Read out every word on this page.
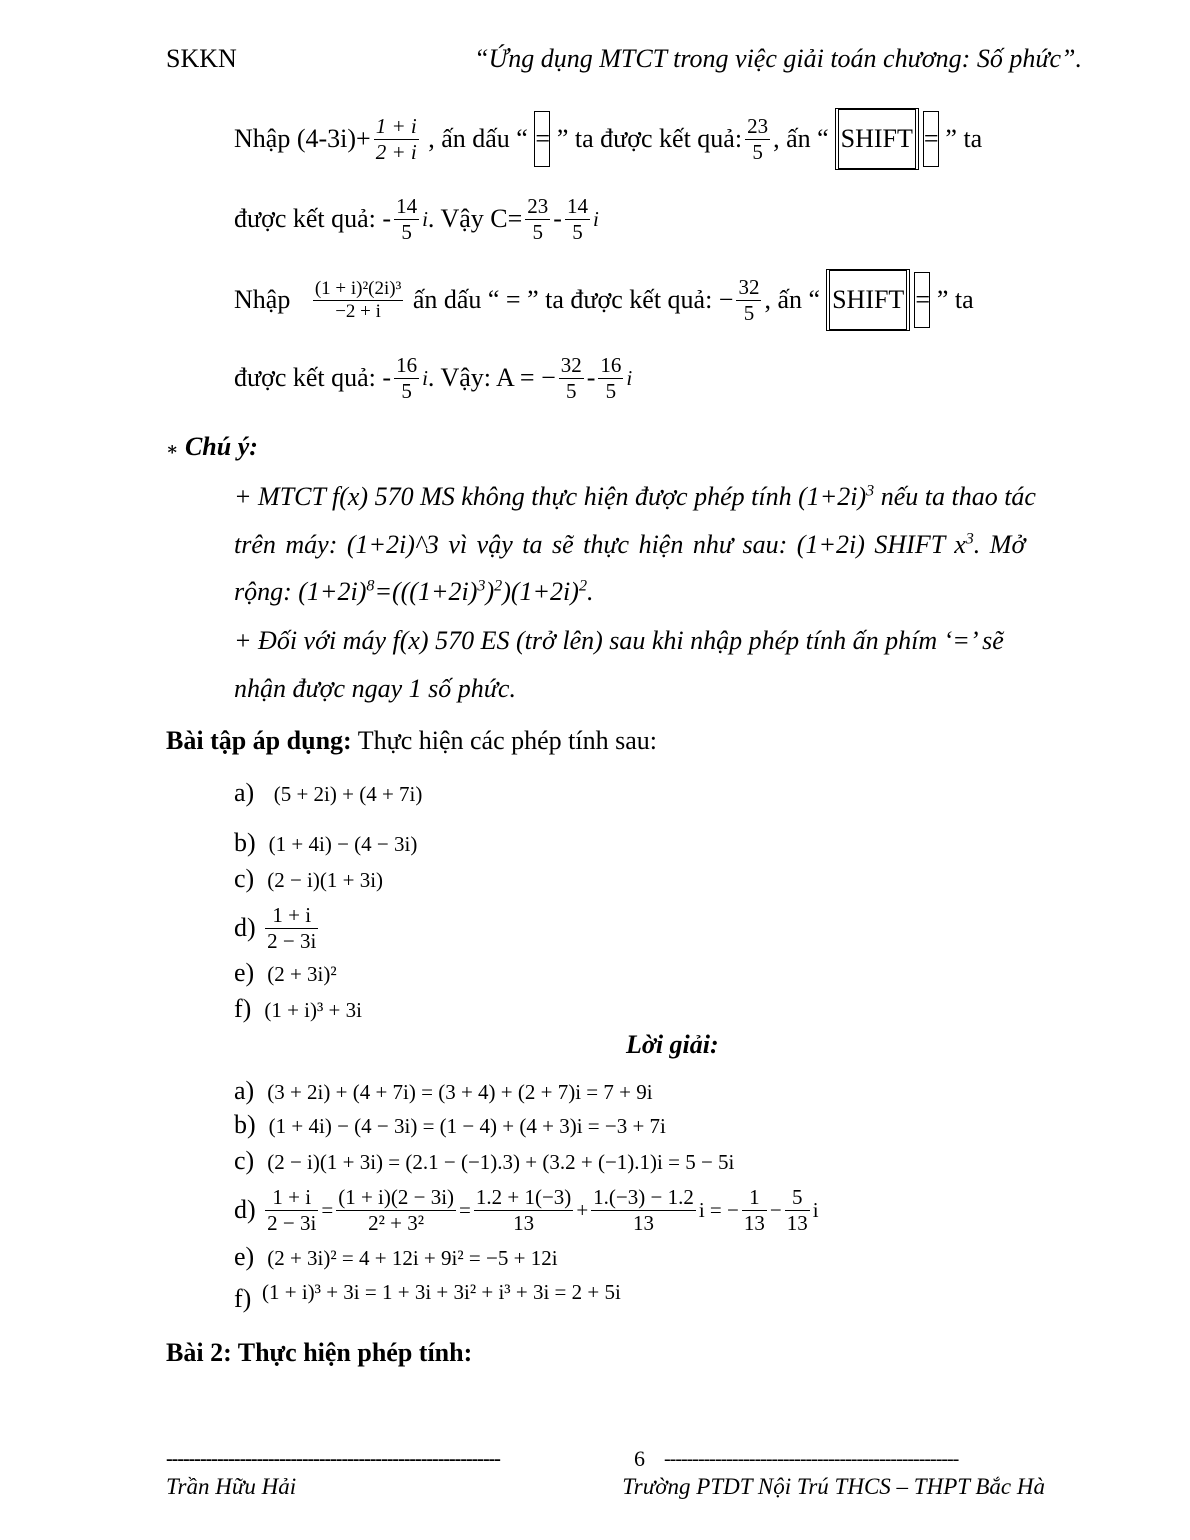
SKKN	“Ứng dụng MTCT trong việc giải toán chương: Số phức”.
Nhập
$(4-3i)+ \frac{1 + i}{2 + i}$
, ấn dấu “
=
” ta được kết quả: $\frac{23}{5}$ , ấn “ SHIFT =
” ta
được kết quả: - $\frac{14}{5}$ i . Vậy $C= \frac{23}{5} - \frac{14}{5}$ i
Nhập
$\frac{\text{(1 + i)²(2i)³}}{-2 + i}$
ấn dấu “ = ” ta được kết quả: − $\frac{32}{5}$ , ấn “ SHIFT =
” ta
được kết quả: - $\frac{16}{5}$ i . Vậy: A = − $\frac{32}{5} - \frac{16}{5}$ i
∗ Chú ý:
+ MTCT f(x) 570 MS không thực hiện được phép tính $(1+2i)^3$ nếu ta thao tác
trên máy: (1+2i)^3 vì vậy ta sẽ thực hiện như sau: (1+2i) SHIFT $x^3$. Mở
rộng: $(1+2i)^8=(((1+2i)^3)^2)(1+2i)^2$.
+ Đối với máy f(x) 570 ES (trở lên) sau khi nhập phép tính ấn phím ‘=’ sẽ
nhận được ngay 1 số phức.
Bài tập áp dụng: Thực hiện các phép tính sau:
a) (5 + 2i) + (4 + 7i)
b) (1 + 4i) − (4 − 3i)
c) (2 − i)(1 + 3i)
d)
$\frac{1 + i}{2 - 3i}$
e) (2 + 3i)²
f) (1 + i)³ + 3i
Lời giải:
a) (3 + 2i) + (4 + 7i) = (3 + 4) + (2 + 7)i = 7 + 9i
b) (1 + 4i) − (4 − 3i) = (1 − 4) + (4 + 3)i = −3 + 7i
c) (2 − i)(1 + 3i) = (2.1 − (−1).3) + (3.2 + (−1).1)i = 5 − 5i
d)
$\frac{1 + i}{2 - 3i} = \frac{(1 + i)(2 - 3i)}{\text{2² + 3²}} = \frac{1.2 + 1(-3)}{13} + \frac{1.(-3) - 1.2}{13}$ i = − $\frac{1}{13} - \frac{5}{13}$ i
e) (2 + 3i)² = 4 + 12i + 9i² = −5 + 12i
f) (1 + i)³ + 3i = 1 + 3i + 3i² + i³ + 3i = 2 + 5i
Bài 2: Thực hiện phép tính:
-----------------------------------------------------------	6 ----------------------------------------------------
Trần Hữu Hải	Trường PTDT Nội Trú THCS – THPT Bắc Hà
